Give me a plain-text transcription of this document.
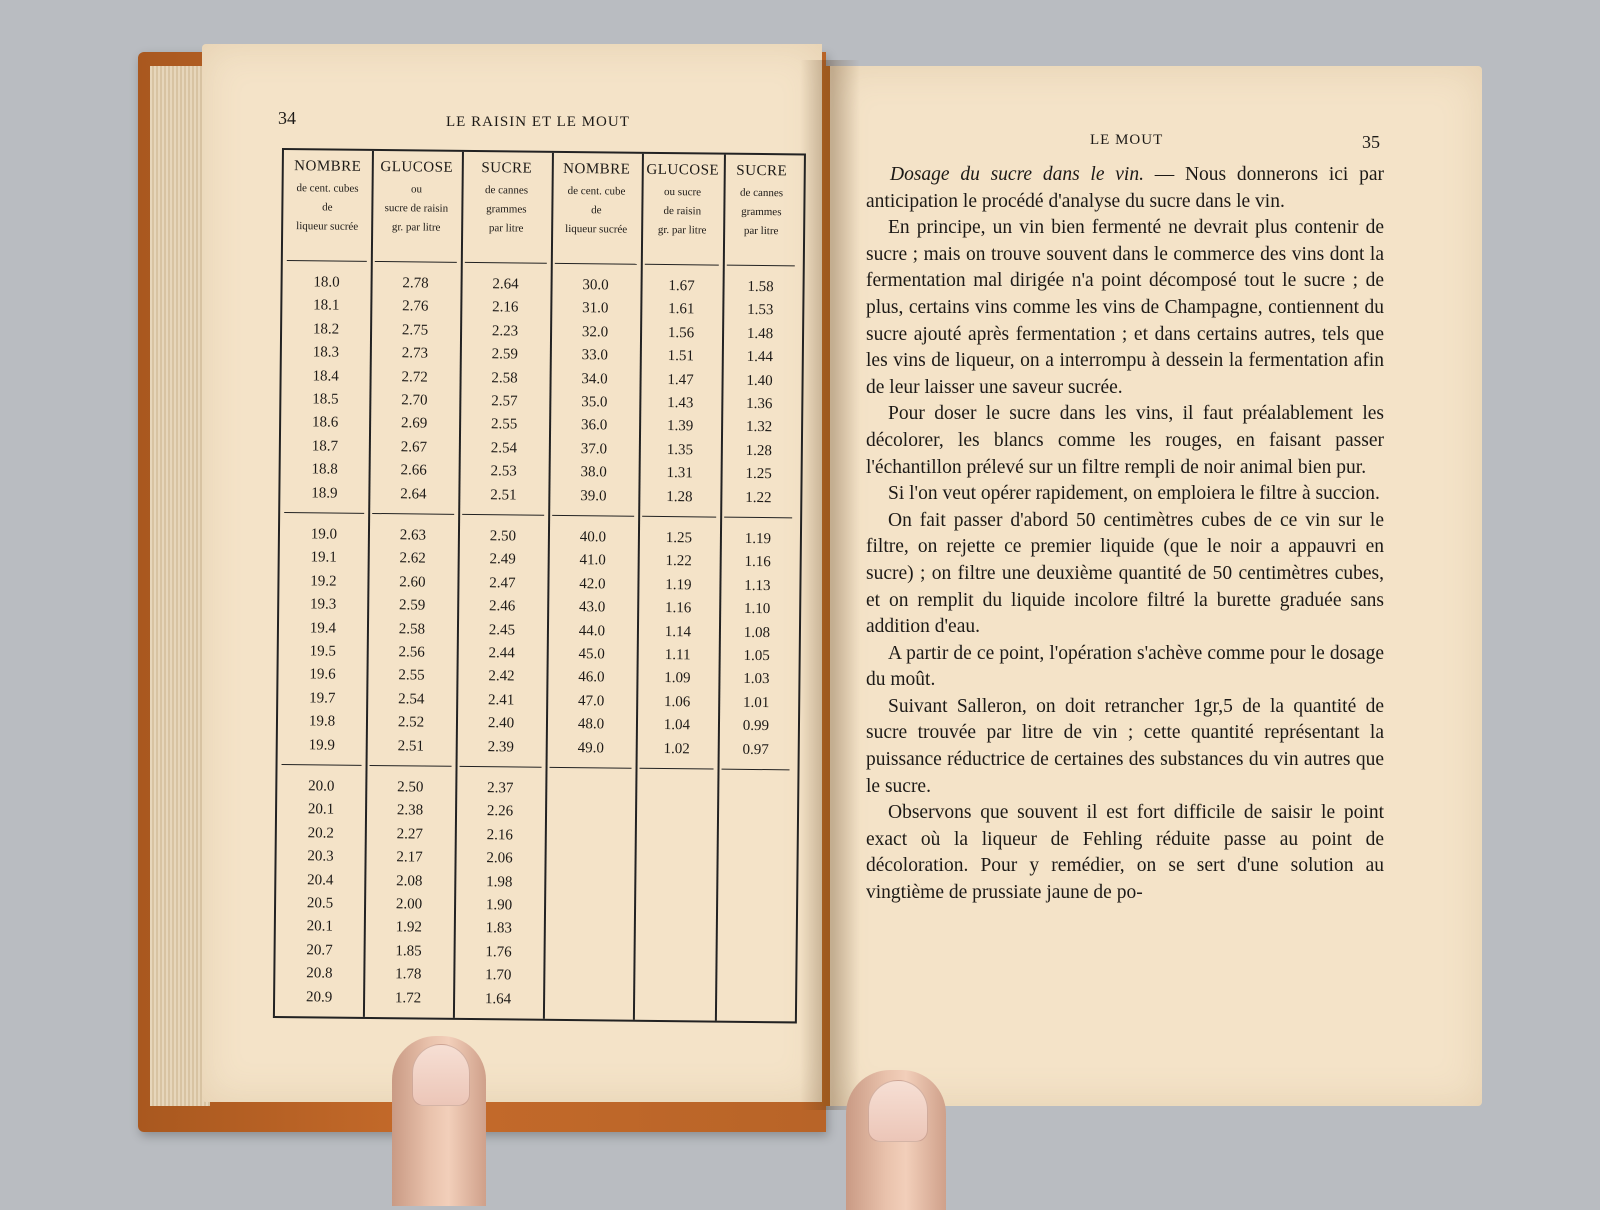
34	LE RAISIN ET LE MOUT
NOMBRE
de cent. cubes
de
liqueur sucrée
18.0
18.1
18.2
18.3
18.4
18.5
18.6
18.7
18.8
18.9
19.0
19.1
19.2
19.3
19.4
19.5
19.6
19.7
19.8
19.9
20.0
20.1
20.2
20.3
20.4
20.5
20.1
20.7
20.8
20.9
GLUCOSE
ou
sucre de raisin
gr. par litre
2.78
2.76
2.75
2.73
2.72
2.70
2.69
2.67
2.66
2.64
2.63
2.62
2.60
2.59
2.58
2.56
2.55
2.54
2.52
2.51
2.50
2.38
2.27
2.17
2.08
2.00
1.92
1.85
1.78
1.72
SUCRE
de cannes
grammes
par litre
2.64
2.16
2.23
2.59
2.58
2.57
2.55
2.54
2.53
2.51
2.50
2.49
2.47
2.46
2.45
2.44
2.42
2.41
2.40
2.39
2.37
2.26
2.16
2.06
1.98
1.90
1.83
1.76
1.70
1.64
NOMBRE
de cent. cube
de
liqueur sucrée
30.0
31.0
32.0
33.0
34.0
35.0
36.0
37.0
38.0
39.0
40.0
41.0
42.0
43.0
44.0
45.0
46.0
47.0
48.0
49.0
GLUCOSE
ou sucre
de raisin
gr. par litre
1.67
1.61
1.56
1.51
1.47
1.43
1.39
1.35
1.31
1.28
1.25
1.22
1.19
1.16
1.14
1.11
1.09
1.06
1.04
1.02
SUCRE
de cannes
grammes
par litre
1.58
1.53
1.48
1.44
1.40
1.36
1.32
1.28
1.25
1.22
1.19
1.16
1.13
1.10
1.08
1.05
1.03
1.01
0.99
0.97
LE MOUT	35

Dosage du sucre dans le vin. — Nous donnerons ici par anticipation le procédé d'analyse du sucre dans le vin.

En principe, un vin bien fermenté ne devrait plus contenir de sucre ; mais on trouve souvent dans le commerce des vins dont la fermentation mal dirigée n'a point décomposé tout le sucre ; de plus, certains vins comme les vins de Champagne, contiennent du sucre ajouté après fermentation ; et dans certains autres, tels que les vins de liqueur, on a interrompu à dessein la fermentation afin de leur laisser une saveur sucrée.

Pour doser le sucre dans les vins, il faut préalablement les décolorer, les blancs comme les rouges, en faisant passer l'échantillon prélevé sur un filtre rempli de noir animal bien pur.

Si l'on veut opérer rapidement, on emploiera le filtre à succion.

On fait passer d'abord 50 centimètres cubes de ce vin sur le filtre, on rejette ce premier liquide (que le noir a appauvri en sucre) ; on filtre une deuxième quantité de 50 centimètres cubes, et on remplit du liquide incolore filtré la burette graduée sans addition d'eau.

A partir de ce point, l'opération s'achève comme pour le dosage du moût.

Suivant Salleron, on doit retrancher 1gr,5 de la quantité de sucre trouvée par litre de vin ; cette quantité représentant la puissance réductrice de certaines des substances du vin autres que le sucre.

Observons que souvent il est fort difficile de saisir le point exact où la liqueur de Fehling réduite passe au point de décoloration. Pour y remédier, on se sert d'une solution au vingtième de prussiate jaune de po-
